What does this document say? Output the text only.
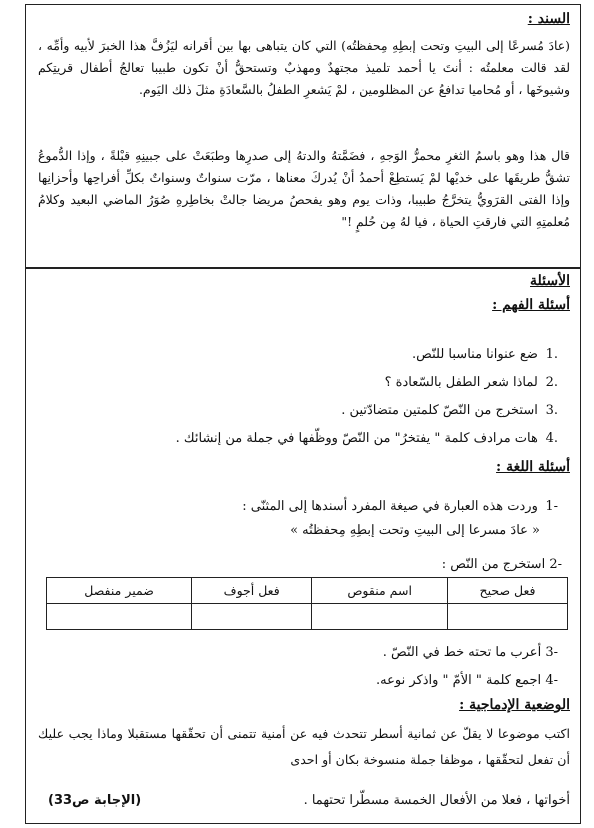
السند :
(عادَ مُسرعًا إلى البيتِ وتحت إبطِهِ مِحفظتُه) التي كان يتباهى بها بين أقرانه ليَزُفَّ هذا الخبرَ لأبيه وأمِّه ، لقد قالت معلمتُه : أنتَ يا أحمد تلميذ مجتهدٌ ومهذبٌ وتستحقُّ أنْ تكون طبيبا تعالجُ أطفال قريتِكم وشيوخَها ، أو مُحاميا تدافعُ عن المظلومين ، لمْ يَشعرِ الطفلُ بالسَّعادَةِ مثلَ ذلك اليَوم.
قال هذا وهو باسمُ الثغرِ محمرُّ الوَجهِ ، فضَمَّتهُ والدتهُ إلى صدرِها وطبَعَتْ على جبينِهِ قبْلةً ، وإذا الدُّموعُ تشقُّ طريقَها على خديْها لمْ يَستطِعْ أحمدُ أنْ يُدركَ معناها ، مرّت سنواتٌ وسنواتٌ بكلِّ أفراحِها وأحزانِها وإذا الفتى القرَويُّ يتخرَّجُ طبيبا، وذات يوم وهو يفحصُ مريضا جالتْ بخاطِرهِ صُوَرُ الماضي البعيد وكلامُ مُعلمتِهِ التي فارقتِ الحياة ، فيا لهُ مِن حُلمٍ !"
الأسئلة
أسئلة الفهم :
.1 ضع عنوانا مناسبا للنّص.
.2 لماذا شعر الطفل بالسّعادة ؟
.3 استخرج من النّصّ كلمتين متضادّتين .
.4 هات مرادف كلمة " يفتخرُ" من النّصّ ووظّفها في جملة من إنشائك .
أسئلة اللغة :
-1 وردت هذه العبارة في صيغة المفرد أسندها إلى المثنّى :
« عادَ مسرعا إلى البيتِ وتحت إبطِهِ مِحفظتُه »
-2 استخرج من النّص :
فعل صحيح	اسم منقوص	فعل أجوف	ضمير منفصل

-3 أعرب ما تحته خط في النّصّ .
-4 اجمع كلمة " الأمّ " واذكر نوعه.
الوضعية الإدماجية :
اكتب موضوعا لا يقلّ عن ثمانية أسطر تتحدث فيه عن أمنية تتمنى أن تحقّقها مستقبلا وماذا يجب عليك أن تفعل لتحقّقها ، موظفا جملة منسوخة بكان أو احدى
أخواتها ، فعلا من الأفعال الخمسة مسطّرا تحتهما .
(الإجابة ص33)
